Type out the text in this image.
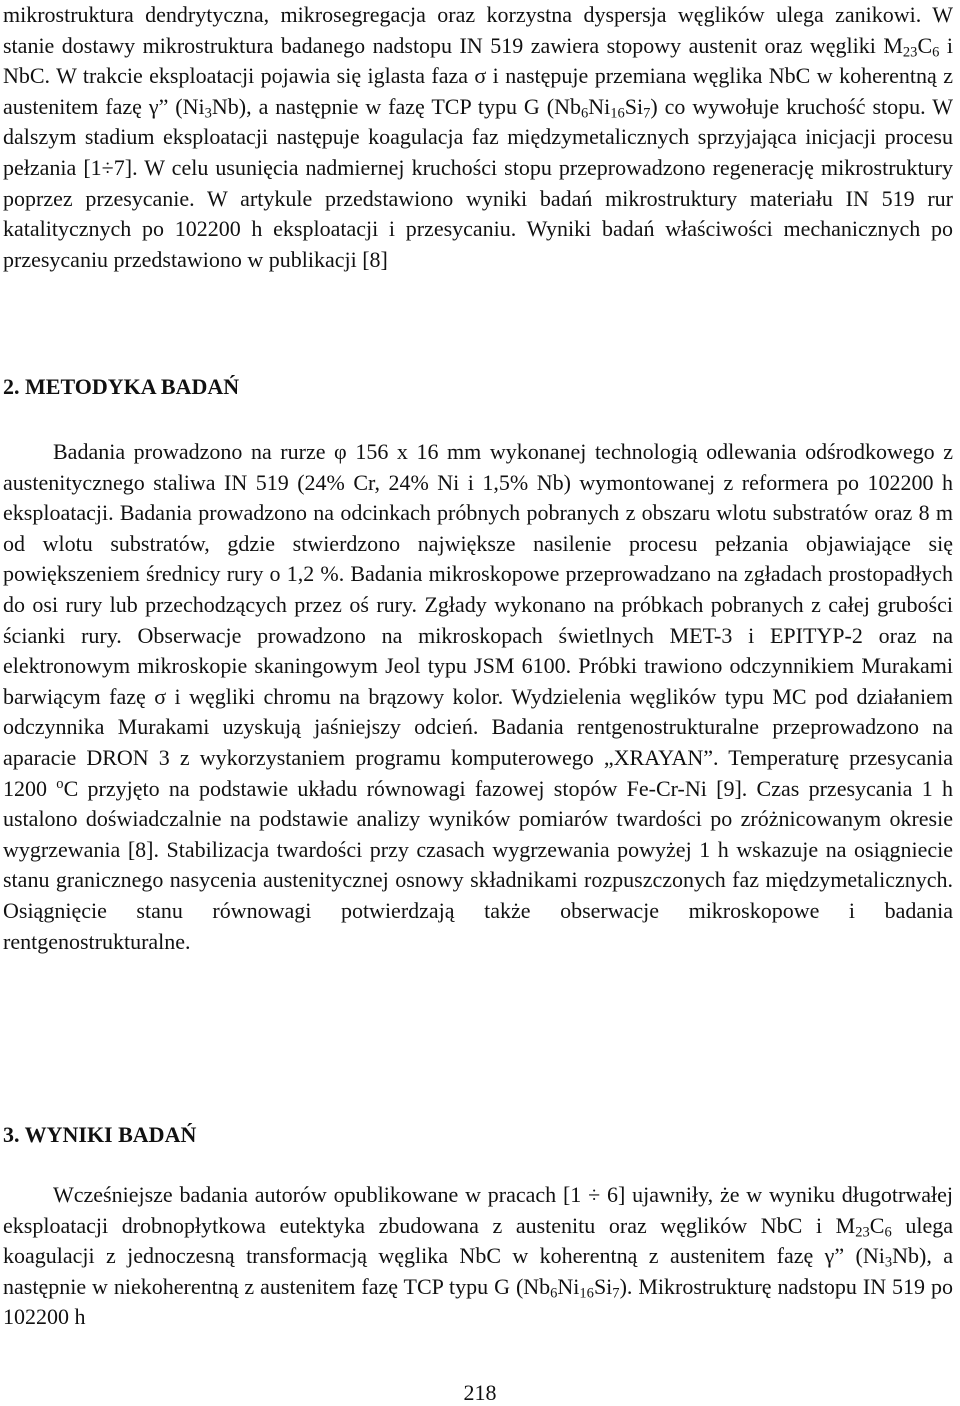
mikrostruktura dendrytyczna, mikrosegregacja oraz korzystna dyspersja węglików ulega zanikowi. W stanie dostawy mikrostruktura badanego nadstopu IN 519 zawiera stopowy austenit oraz węgliki $M_{23}C_6$ i NbC. W trakcie eksploatacji pojawia się iglasta faza σ i następuje przemiana węglika NbC w koherentną z austenitem fazę γ” $(Ni_3Nb)$, a następnie w fazę TCP typu G $(Nb_6Ni_{16}Si_7)$ co wywołuje kruchość stopu. W dalszym stadium eksploatacji następuje koagulacja faz międzymetalicznych sprzyjająca inicjacji procesu pełzania [1÷7]. W celu usunięcia nadmiernej kruchości stopu przeprowadzono regenerację mikrostruktury poprzez przesycanie. W artykule przedstawiono wyniki badań mikrostruktury materiału IN 519 rur katalitycznych po 102200 h eksploatacji i przesycaniu. Wyniki badań właściwości mechanicznych po przesycaniu przedstawiono w publikacji [8]

2. METODYKA BADAŃ

Badania prowadzono na rurze φ 156 x 16 mm wykonanej technologią odlewania odśrodkowego z austenitycznego staliwa IN 519 (24% Cr, 24% Ni i 1,5% Nb) wymontowanej z reformera po 102200 h eksploatacji. Badania prowadzono na odcinkach próbnych pobranych z obszaru wlotu substratów oraz 8 m od wlotu substratów, gdzie stwierdzono największe nasilenie procesu pełzania objawiające się powiększeniem średnicy rury o 1,2 %. Badania mikroskopowe przeprowadzano na zgładach prostopadłych do osi rury lub przechodzących przez oś rury. Zgłady wykonano na próbkach pobranych z całej grubości ścianki rury. Obserwacje prowadzono na mikroskopach świetlnych MET-3 i EPITYP-2 oraz na elektronowym mikroskopie skaningowym Jeol typu JSM 6100. Próbki trawiono odczynnikiem Murakami barwiącym fazę σ i węgliki chromu na brązowy kolor. Wydzielenia węglików typu MC pod działaniem odczynnika Murakami uzyskują jaśniejszy odcień. Badania rentgenostrukturalne przeprowadzono na aparacie DRON 3 z wykorzystaniem programu komputerowego „XRAYAN”. Temperaturę przesycania 1200 $^o$C przyjęto na podstawie układu równowagi fazowej stopów Fe-Cr-Ni [9]. Czas przesycania 1 h ustalono doświadczalnie na podstawie analizy wyników pomiarów twardości po zróżnicowanym okresie wygrzewania [8]. Stabilizacja twardości przy czasach wygrzewania powyżej 1 h wskazuje na osiągniecie stanu granicznego nasycenia austenitycznej osnowy składnikami rozpuszczonych faz międzymetalicznych. Osiągnięcie stanu równowagi potwierdzają także obserwacje mikroskopowe i badania rentgenostrukturalne.

3. WYNIKI BADAŃ

Wcześniejsze badania autorów opublikowane w pracach [1 ÷ 6] ujawniły, że w wyniku długotrwałej eksploatacji drobnopłytkowa eutektyka zbudowana z austenitu oraz węglików NbC i $M_{23}C_6$ ulega koagulacji z jednoczesną transformacją węglika NbC w koherentną z austenitem fazę γ” $(Ni_3Nb)$, a następnie w niekoherentną z austenitem fazę TCP typu G $(Nb_6Ni_{16}Si_7)$. Mikrostrukturę nadstopu IN 519 po 102200 h

218
